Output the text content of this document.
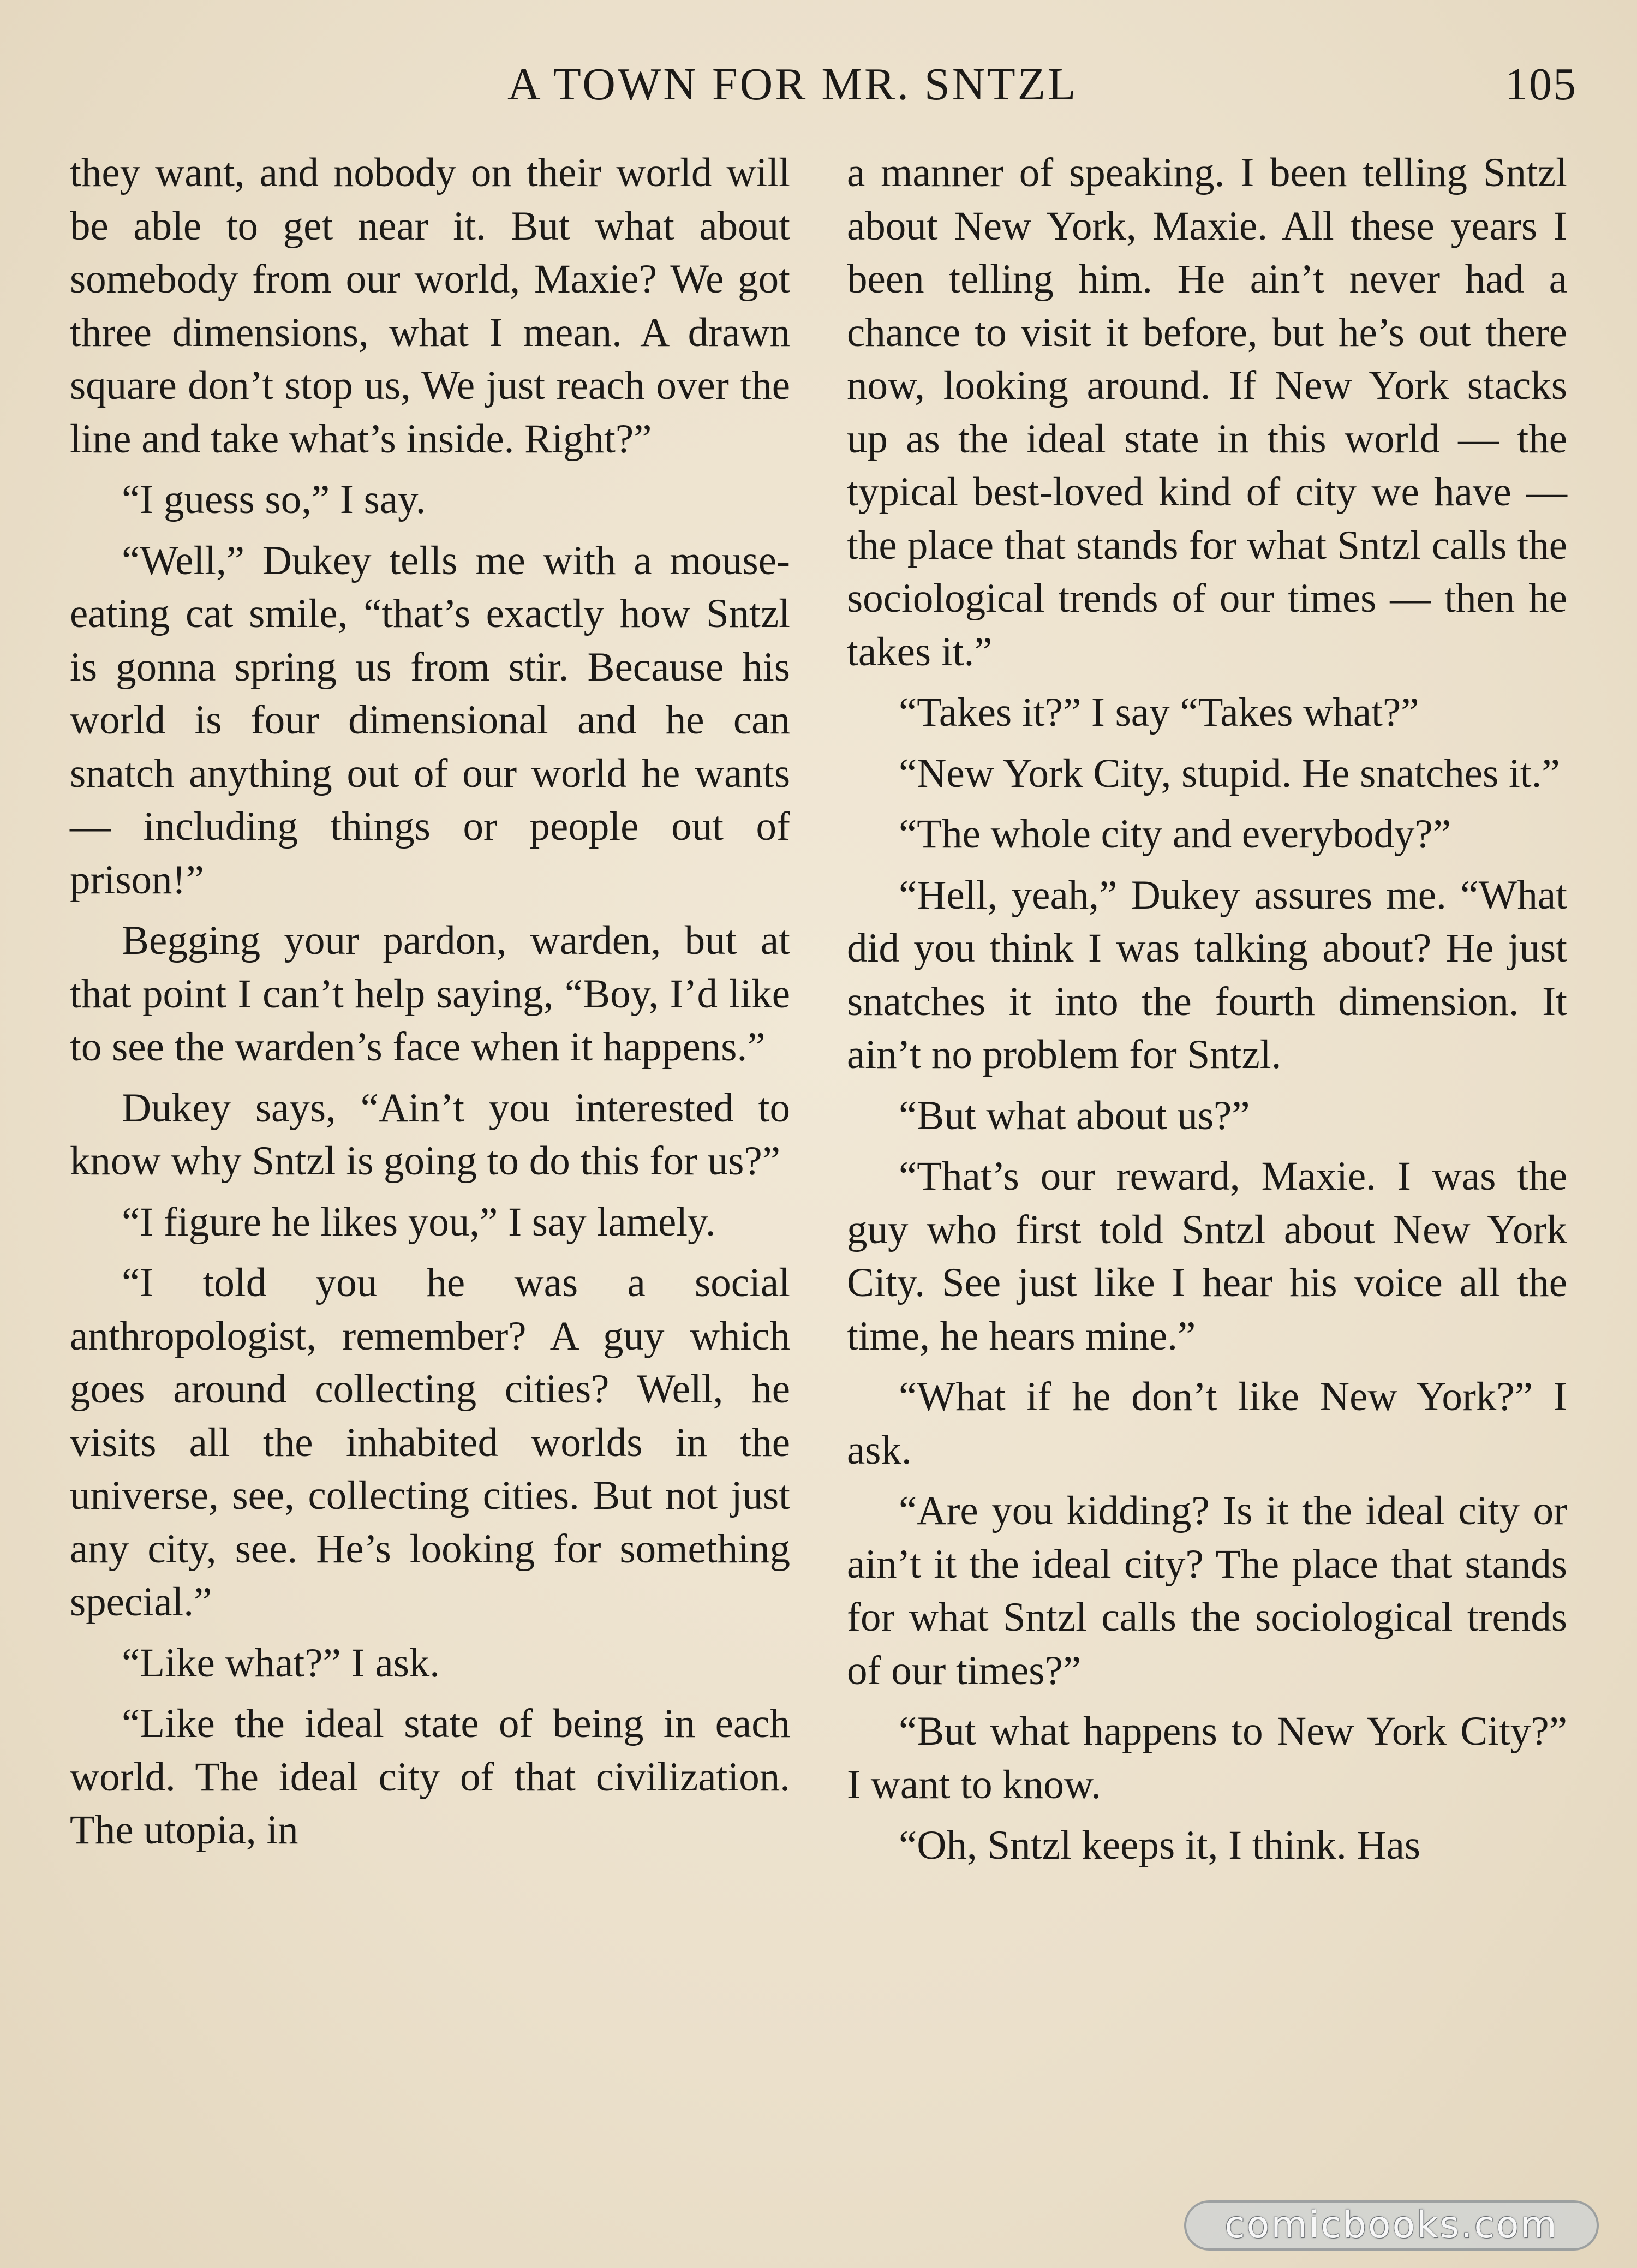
A TOWN FOR MR. SNTZL	105

they want, and nobody on their world will be able to get near it. But what about somebody from our world, Maxie? We got three dimensions, what I mean. A drawn square don’t stop us, We just reach over the line and take what’s inside. Right?”

“I guess so,” I say.

“Well,” Dukey tells me with a mouse-eating cat smile, “that’s exactly how Sntzl is gonna spring us from stir. Because his world is four dimensional and he can snatch anything out of our world he wants — including things or people out of prison!”

Begging your pardon, warden, but at that point I can’t help saying, “Boy, I’d like to see the warden’s face when it happens.”

Dukey says, “Ain’t you interested to know why Sntzl is going to do this for us?”

“I figure he likes you,” I say lamely.

“I told you he was a social anthropologist, remember? A guy which goes around collecting cities? Well, he visits all the inhabited worlds in the universe, see, collecting cities. But not just any city, see. He’s looking for something special.”

“Like what?” I ask.

“Like the ideal state of being in each world. The ideal city of that civilization. The utopia, in

a manner of speaking. I been telling Sntzl about New York, Maxie. All these years I been telling him. He ain’t never had a chance to visit it before, but he’s out there now, looking around. If New York stacks up as the ideal state in this world — the typical best-loved kind of city we have — the place that stands for what Sntzl calls the sociological trends of our times — then he takes it.”

“Takes it?” I say “Takes what?”

“New York City, stupid. He snatches it.”

“The whole city and everybody?”

“Hell, yeah,” Dukey assures me. “What did you think I was talking about? He just snatches it into the fourth dimension. It ain’t no problem for Sntzl.

“But what about us?”

“That’s our reward, Maxie. I was the guy who first told Sntzl about New York City. See just like I hear his voice all the time, he hears mine.”

“What if he don’t like New York?” I ask.

“Are you kidding? Is it the ideal city or ain’t it the ideal city? The place that stands for what Sntzl calls the sociological trends of our times?”

“But what happens to New York City?” I want to know.

“Oh, Sntzl keeps it, I think. Has

comicbooks.com
